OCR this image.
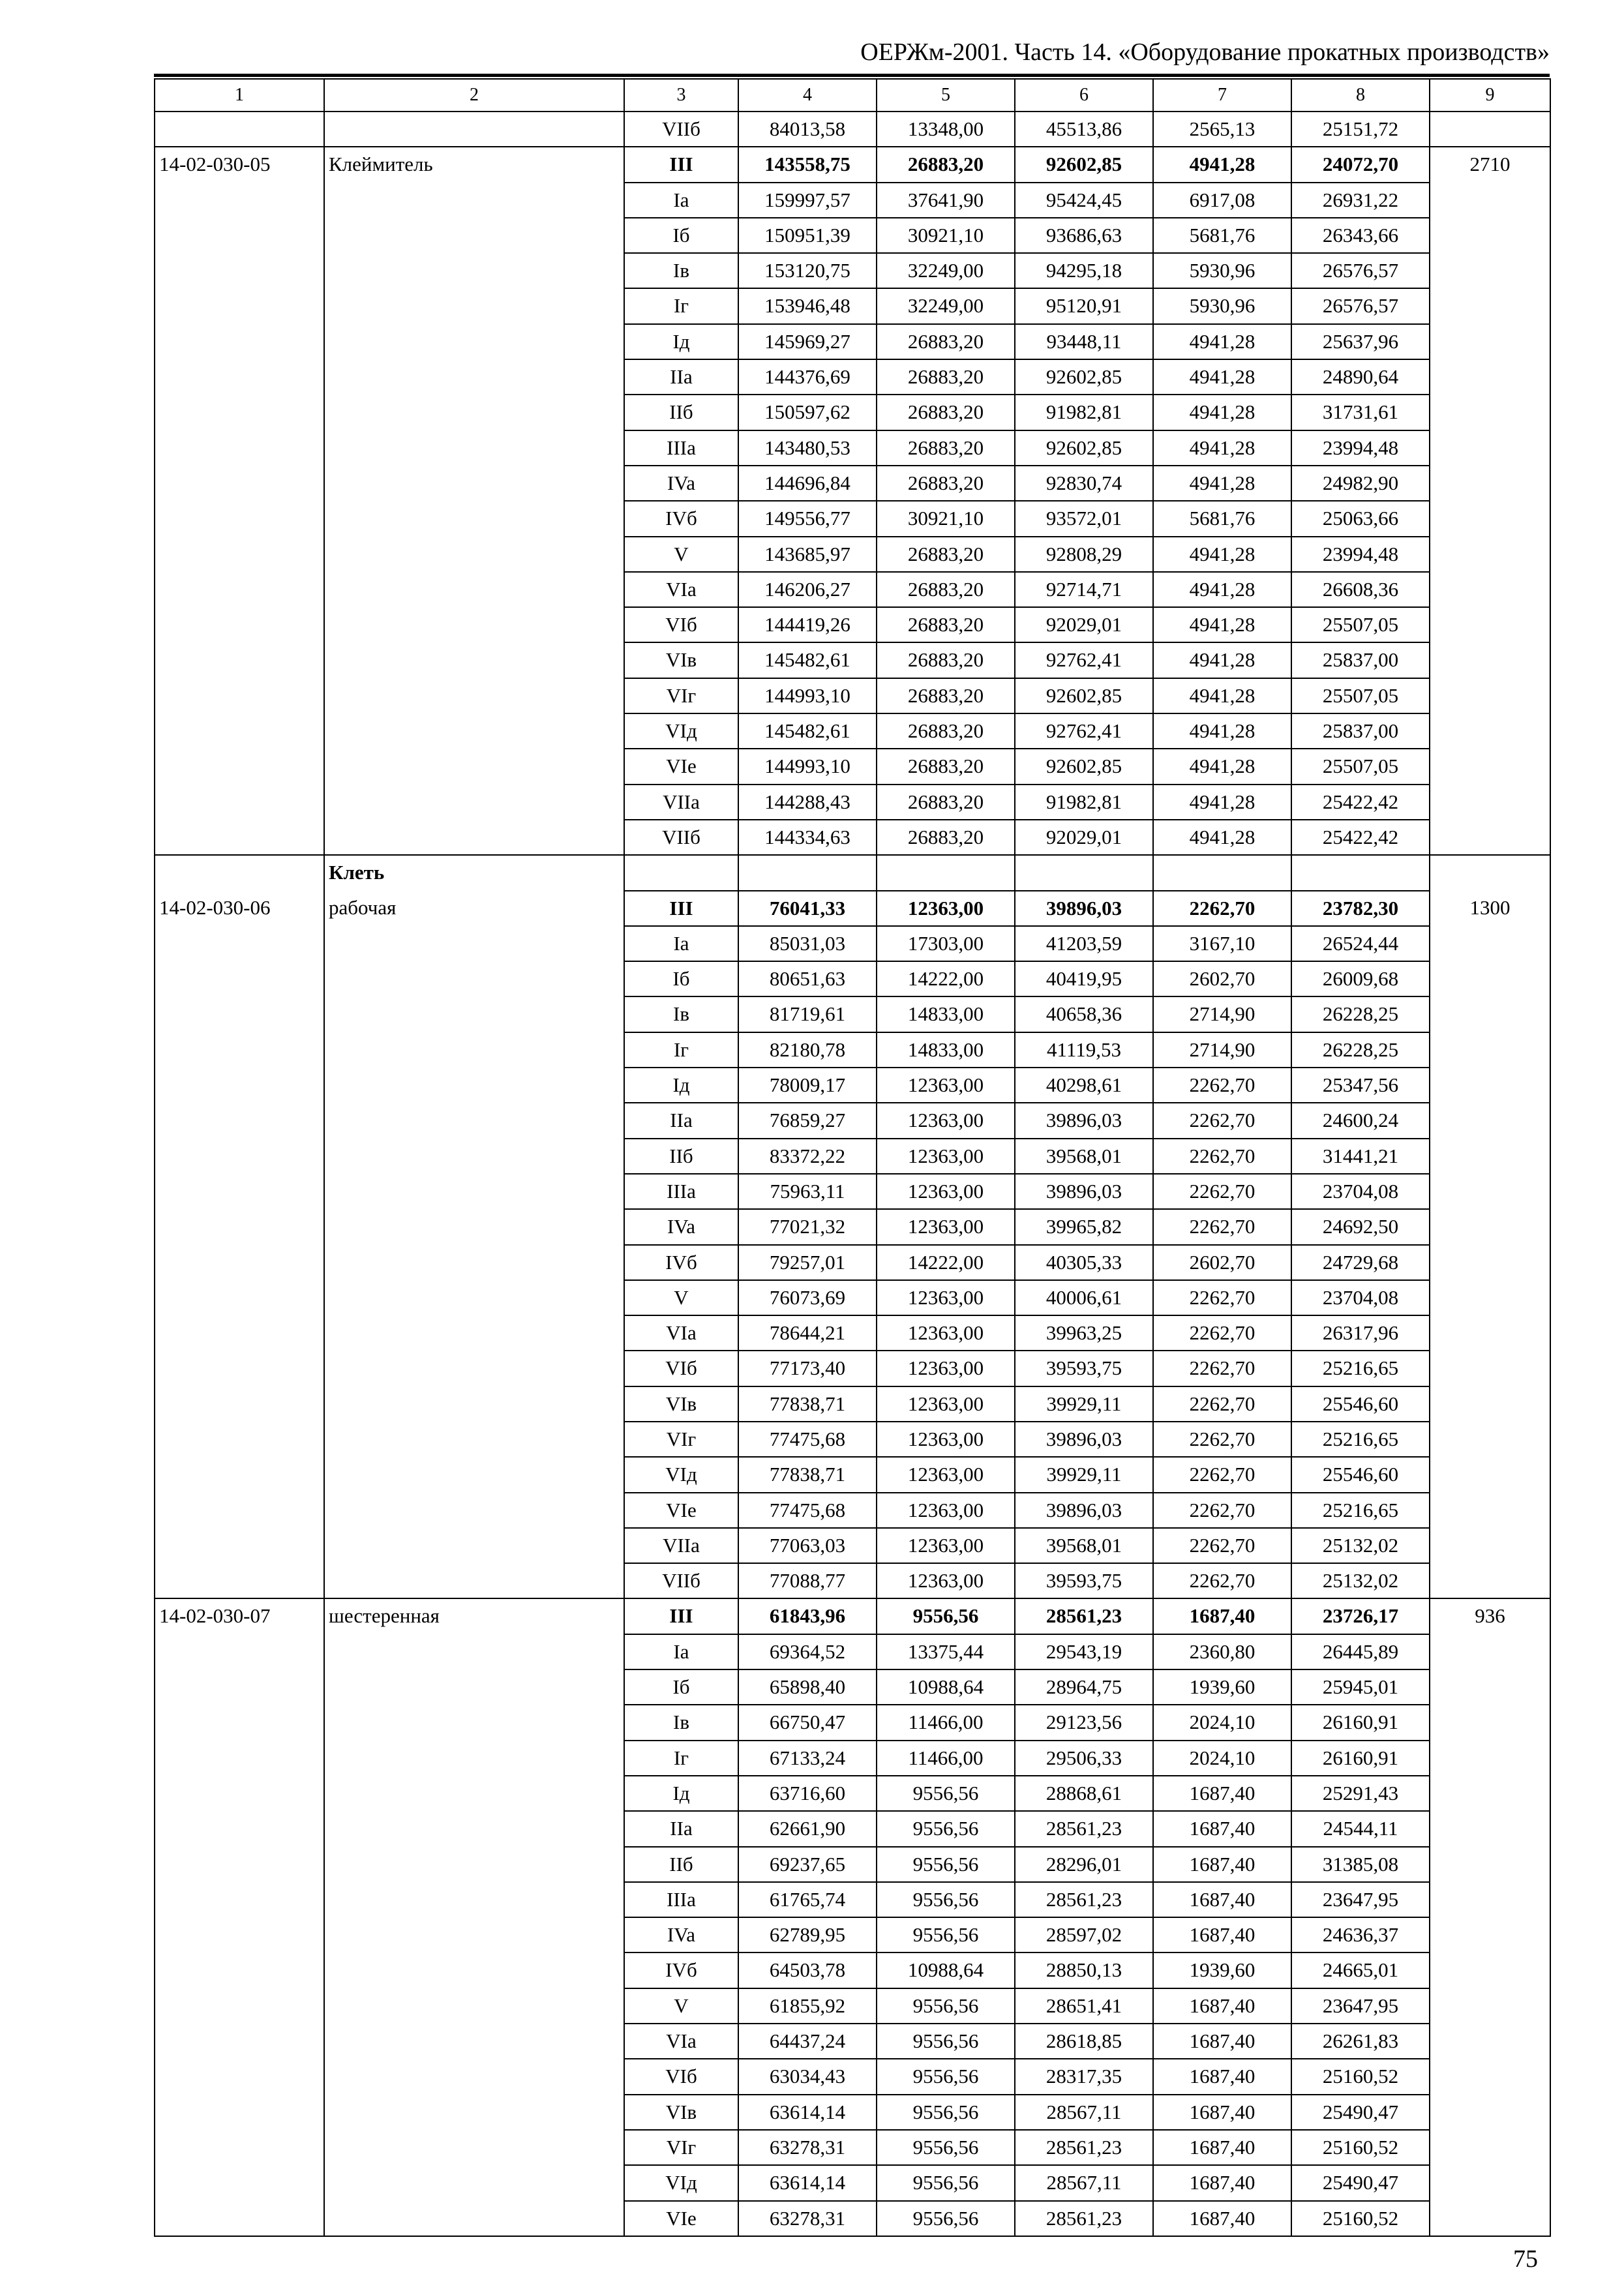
ОЕРЖм-2001. Часть 14. «Оборудование прокатных производств»
1	2	3	4	5	6	7	8	9
		VIIб	84013,58	13348,00	45513,86	2565,13	25151,72	
14-02-030-05	Клеймитель	III	143558,75	26883,20	92602,85	4941,28	24072,70	2710
		Ia	159997,57	37641,90	95424,45	6917,08	26931,22	
		Iб	150951,39	30921,10	93686,63	5681,76	26343,66	
		Iв	153120,75	32249,00	94295,18	5930,96	26576,57	
		Iг	153946,48	32249,00	95120,91	5930,96	26576,57	
		Iд	145969,27	26883,20	93448,11	4941,28	25637,96	
		IIa	144376,69	26883,20	92602,85	4941,28	24890,64	
		IIб	150597,62	26883,20	91982,81	4941,28	31731,61	
		IIIa	143480,53	26883,20	92602,85	4941,28	23994,48	
		IVa	144696,84	26883,20	92830,74	4941,28	24982,90	
		IVб	149556,77	30921,10	93572,01	5681,76	25063,66	
		V	143685,97	26883,20	92808,29	4941,28	23994,48	
		VIa	146206,27	26883,20	92714,71	4941,28	26608,36	
		VIб	144419,26	26883,20	92029,01	4941,28	25507,05	
		VIв	145482,61	26883,20	92762,41	4941,28	25837,00	
		VIг	144993,10	26883,20	92602,85	4941,28	25507,05	
		VIд	145482,61	26883,20	92762,41	4941,28	25837,00	
		VIe	144993,10	26883,20	92602,85	4941,28	25507,05	
		VIIa	144288,43	26883,20	91982,81	4941,28	25422,42	
		VIIб	144334,63	26883,20	92029,01	4941,28	25422,42	
	Клеть							
14-02-030-06	рабочая	III	76041,33	12363,00	39896,03	2262,70	23782,30	1300
		Ia	85031,03	17303,00	41203,59	3167,10	26524,44	
		Iб	80651,63	14222,00	40419,95	2602,70	26009,68	
		Iв	81719,61	14833,00	40658,36	2714,90	26228,25	
		Iг	82180,78	14833,00	41119,53	2714,90	26228,25	
		Iд	78009,17	12363,00	40298,61	2262,70	25347,56	
		IIa	76859,27	12363,00	39896,03	2262,70	24600,24	
		IIб	83372,22	12363,00	39568,01	2262,70	31441,21	
		IIIa	75963,11	12363,00	39896,03	2262,70	23704,08	
		IVa	77021,32	12363,00	39965,82	2262,70	24692,50	
		IVб	79257,01	14222,00	40305,33	2602,70	24729,68	
		V	76073,69	12363,00	40006,61	2262,70	23704,08	
		VIa	78644,21	12363,00	39963,25	2262,70	26317,96	
		VIб	77173,40	12363,00	39593,75	2262,70	25216,65	
		VIв	77838,71	12363,00	39929,11	2262,70	25546,60	
		VIг	77475,68	12363,00	39896,03	2262,70	25216,65	
		VIд	77838,71	12363,00	39929,11	2262,70	25546,60	
		VIe	77475,68	12363,00	39896,03	2262,70	25216,65	
		VIIa	77063,03	12363,00	39568,01	2262,70	25132,02	
		VIIб	77088,77	12363,00	39593,75	2262,70	25132,02	
14-02-030-07	шестеренная	III	61843,96	9556,56	28561,23	1687,40	23726,17	936
		Ia	69364,52	13375,44	29543,19	2360,80	26445,89	
		Iб	65898,40	10988,64	28964,75	1939,60	25945,01	
		Iв	66750,47	11466,00	29123,56	2024,10	26160,91	
		Iг	67133,24	11466,00	29506,33	2024,10	26160,91	
		Iд	63716,60	9556,56	28868,61	1687,40	25291,43	
		IIa	62661,90	9556,56	28561,23	1687,40	24544,11	
		IIб	69237,65	9556,56	28296,01	1687,40	31385,08	
		IIIa	61765,74	9556,56	28561,23	1687,40	23647,95	
		IVa	62789,95	9556,56	28597,02	1687,40	24636,37	
		IVб	64503,78	10988,64	28850,13	1939,60	24665,01	
		V	61855,92	9556,56	28651,41	1687,40	23647,95	
		VIa	64437,24	9556,56	28618,85	1687,40	26261,83	
		VIб	63034,43	9556,56	28317,35	1687,40	25160,52	
		VIв	63614,14	9556,56	28567,11	1687,40	25490,47	
		VIг	63278,31	9556,56	28561,23	1687,40	25160,52	
		VIд	63614,14	9556,56	28567,11	1687,40	25490,47	
		VIe	63278,31	9556,56	28561,23	1687,40	25160,52	
75
